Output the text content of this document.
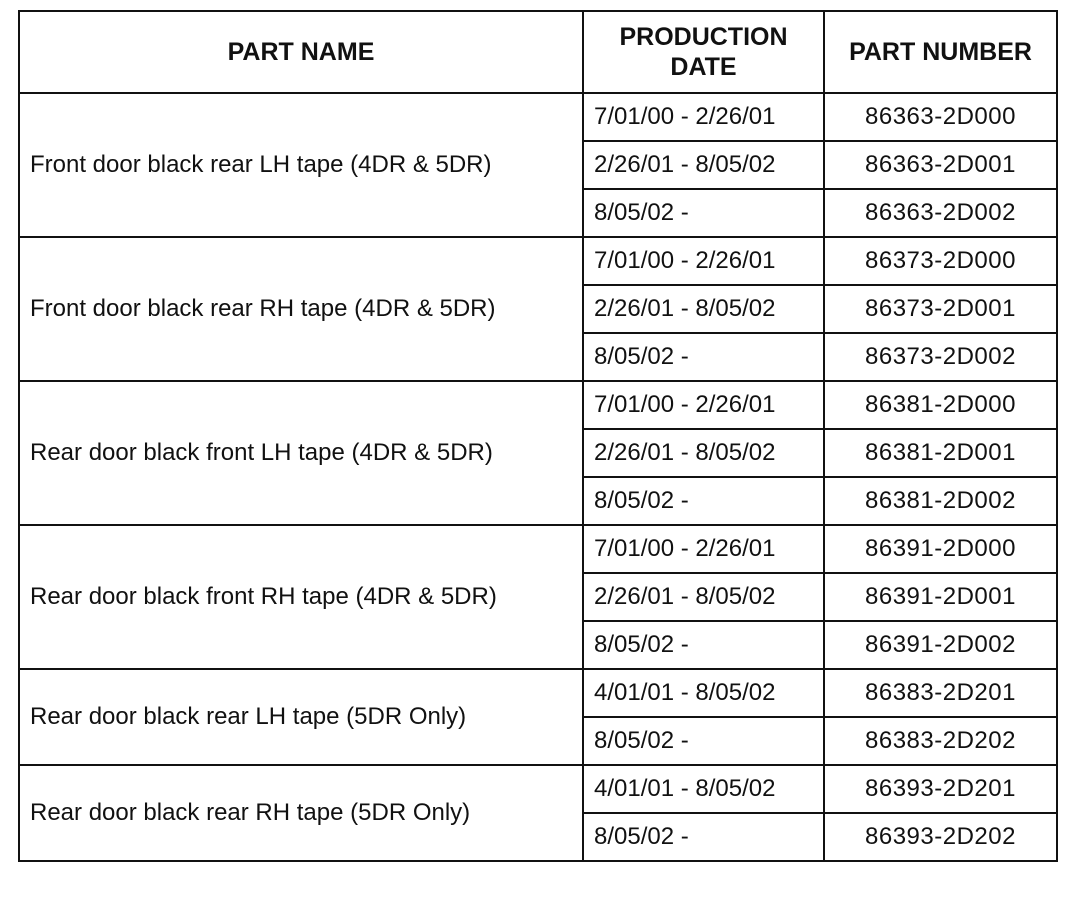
PART NAME	PRODUCTION DATE	PART NUMBER
Front door black rear LH tape (4DR & 5DR)	7/01/00 - 2/26/01	86363-2D000
	2/26/01 - 8/05/02	86363-2D001
	8/05/02 -	86363-2D002
Front door black rear RH tape (4DR & 5DR)	7/01/00 - 2/26/01	86373-2D000
	2/26/01 - 8/05/02	86373-2D001
	8/05/02 -	86373-2D002
Rear door black front LH tape (4DR & 5DR)	7/01/00 - 2/26/01	86381-2D000
	2/26/01 - 8/05/02	86381-2D001
	8/05/02 -	86381-2D002
Rear door black front RH tape (4DR & 5DR)	7/01/00 - 2/26/01	86391-2D000
	2/26/01 - 8/05/02	86391-2D001
	8/05/02 -	86391-2D002
Rear door black rear LH tape (5DR Only)	4/01/01 - 8/05/02	86383-2D201
	8/05/02 -	86383-2D202
Rear door black rear RH tape (5DR Only)	4/01/01 - 8/05/02	86393-2D201
	8/05/02 -	86393-2D202
